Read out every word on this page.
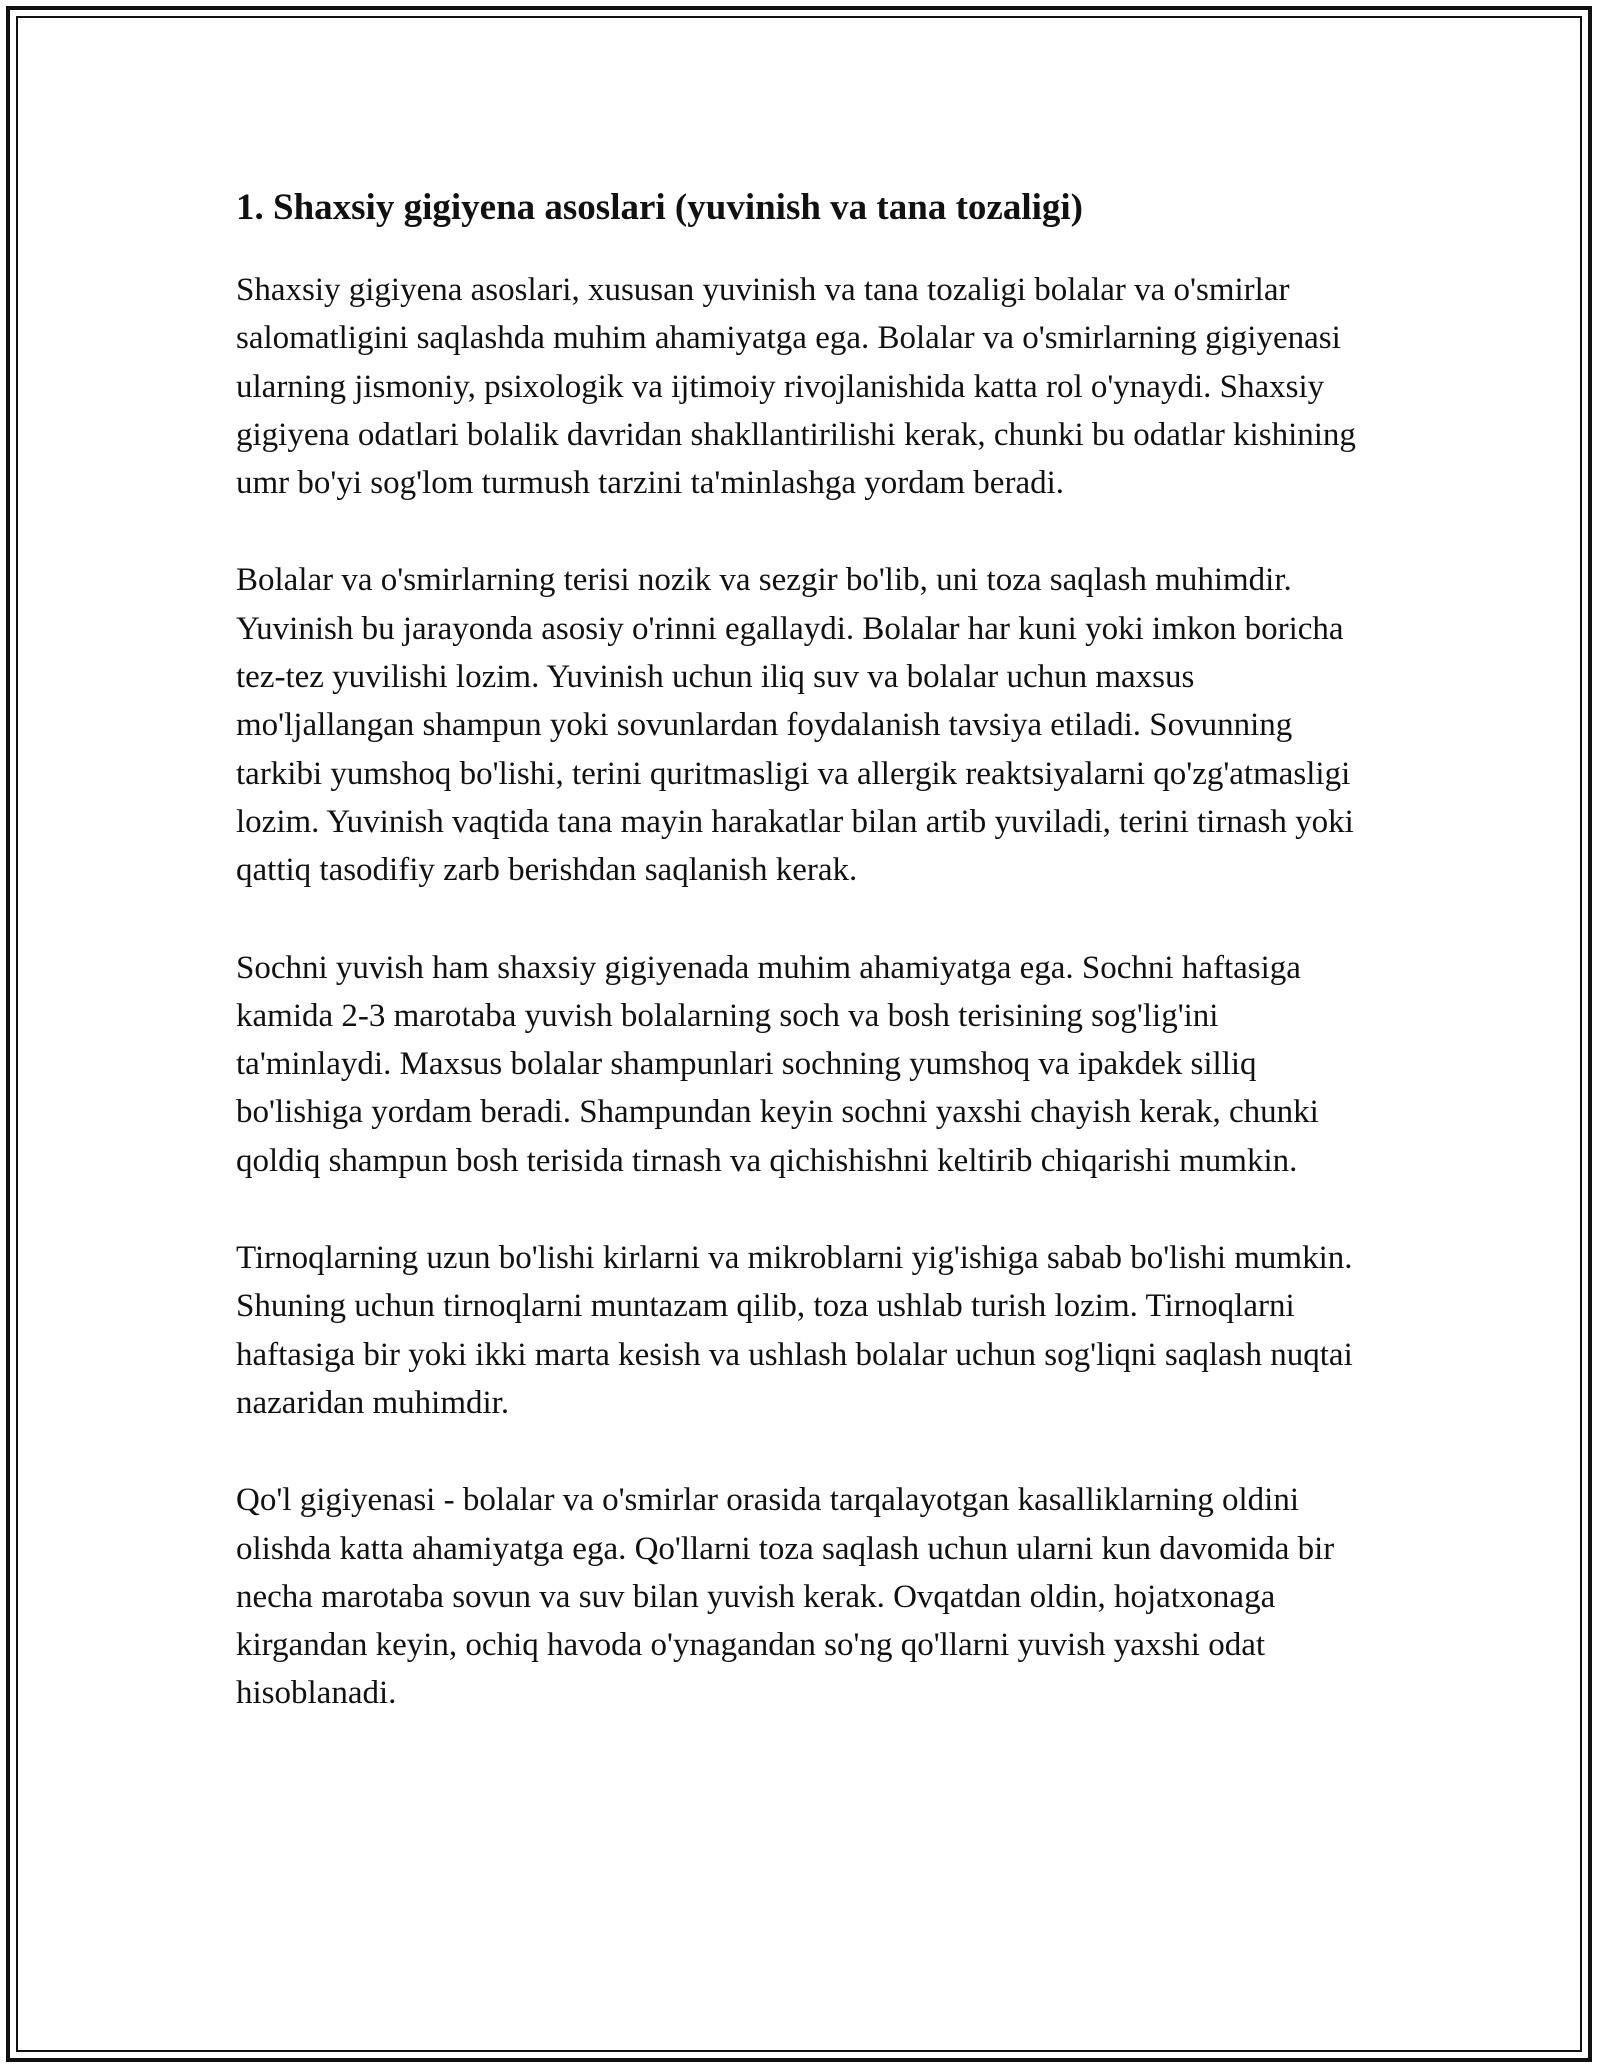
1. Shaxsiy gigiyena asoslari (yuvinish va tana tozaligi)

Shaxsiy gigiyena asoslari, xususan yuvinish va tana tozaligi bolalar va o'smirlar salomatligini saqlashda muhim ahamiyatga ega. Bolalar va o'smirlarning gigiyenasi ularning jismoniy, psixologik va ijtimoiy rivojlanishida katta rol o'ynaydi. Shaxsiy gigiyena odatlari bolalik davridan shakllantirilishi kerak, chunki bu odatlar kishining umr bo'yi sog'lom turmush tarzini ta'minlashga yordam beradi.

Bolalar va o'smirlarning terisi nozik va sezgir bo'lib, uni toza saqlash muhimdir. Yuvinish bu jarayonda asosiy o'rinni egallaydi. Bolalar har kuni yoki imkon boricha tez-tez yuvilishi lozim. Yuvinish uchun iliq suv va bolalar uchun maxsus mo'ljallangan shampun yoki sovunlardan foydalanish tavsiya etiladi. Sovunning tarkibi yumshoq bo'lishi, terini quritmasligi va allergik reaktsiyalarni qo'zg'atmasligi lozim. Yuvinish vaqtida tana mayin harakatlar bilan artib yuviladi, terini tirnash yoki qattiq tasodifiy zarb berishdan saqlanish kerak.

Sochni yuvish ham shaxsiy gigiyenada muhim ahamiyatga ega. Sochni haftasiga kamida 2-3 marotaba yuvish bolalarning soch va bosh terisining sog'lig'ini ta'minlaydi. Maxsus bolalar shampunlari sochning yumshoq va ipakdek silliq bo'lishiga yordam beradi. Shampundan keyin sochni yaxshi chayish kerak, chunki qoldiq shampun bosh terisida tirnash va qichishishni keltirib chiqarishi mumkin.

Tirnoqlarning uzun bo'lishi kirlarni va mikroblarni yig'ishiga sabab bo'lishi mumkin. Shuning uchun tirnoqlarni muntazam qilib, toza ushlab turish lozim. Tirnoqlarni haftasiga bir yoki ikki marta kesish va ushlash bolalar uchun sog'liqni saqlash nuqtai nazaridan muhimdir.

Qo'l gigiyenasi - bolalar va o'smirlar orasida tarqalayotgan kasalliklarning oldini olishda katta ahamiyatga ega. Qo'llarni toza saqlash uchun ularni kun davomida bir necha marotaba sovun va suv bilan yuvish kerak. Ovqatdan oldin, hojatxonaga kirgandan keyin, ochiq havoda o'ynagandan so'ng qo'llarni yuvish yaxshi odat hisoblanadi.
